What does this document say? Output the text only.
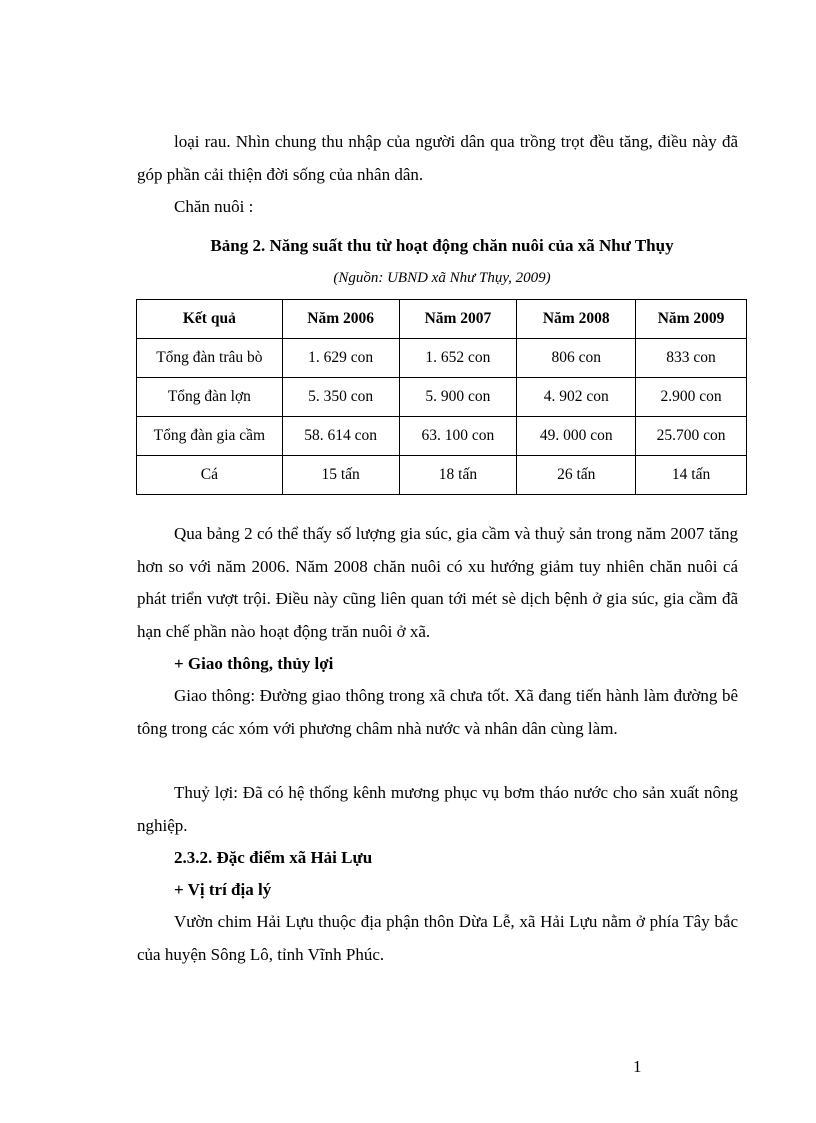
loại rau. Nhìn chung thu nhập của người dân qua trồng trọt đều tăng, điều này đã góp phần cải thiện đời sống của nhân dân.

Chăn nuôi :

Bảng 2. Năng suất thu từ hoạt động chăn nuôi của xã Như Thụy

(Nguồn: UBND xã Như Thụy, 2009)

Kết quả	Năm 2006	Năm 2007	Năm 2008	Năm 2009
Tổng đàn trâu bò	1. 629 con	1. 652 con	806 con	833 con
Tổng đàn lợn	5. 350 con	5. 900 con	4. 902 con	2.900 con
Tổng đàn gia cầm	58. 614 con	63. 100 con	49. 000 con	25.700 con
Cá	15 tấn	18 tấn	26 tấn	14 tấn

Qua bảng 2 có thể thấy số lượng gia súc, gia cầm và thuỷ sản trong năm 2007 tăng hơn so với năm 2006. Năm 2008 chăn nuôi có xu hướng giảm tuy nhiên chăn nuôi cá phát triển vượt trội. Điều này cũng liên quan tới mét sè dịch bệnh ở gia súc, gia cầm đã hạn chế phần nào hoạt động trăn nuôi ở xã.

+ Giao thông, thủy lợi

Giao thông: Đường giao thông trong xã chưa tốt. Xã đang tiến hành làm đường bê tông trong các xóm với phương châm nhà nước và nhân dân cùng làm.

Thuỷ lợi: Đã có hệ thống kênh mương phục vụ bơm tháo nước cho sản xuất nông nghiệp.

2.3.2. Đặc điểm xã Hải Lựu

+ Vị trí địa lý

Vườn chim Hải Lựu thuộc địa phận thôn Dừa Lễ, xã Hải Lựu nằm ở phía Tây bắc của huyện Sông Lô, tỉnh Vĩnh Phúc.

1
